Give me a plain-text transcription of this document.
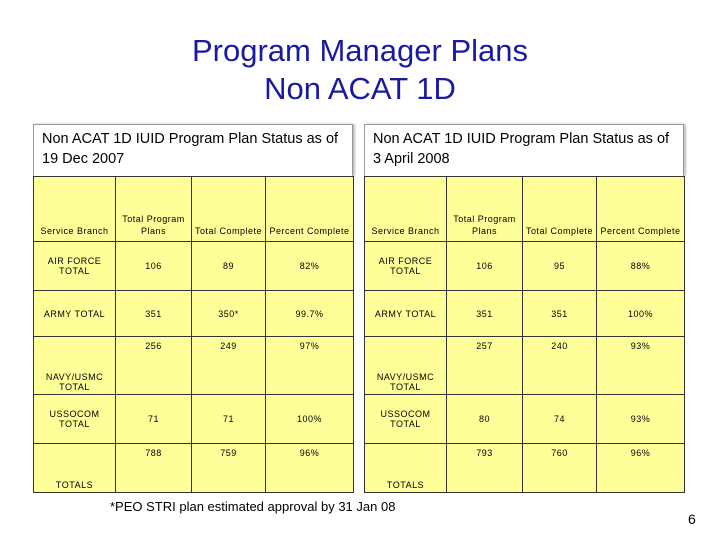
Program Manager Plans
Non ACAT 1D
Non ACAT 1D IUID Program Plan Status as of 19 Dec 2007
Service Branch	Total Program Plans	Total Complete	Percent Complete
AIR FORCE TOTAL	106	89	82%
ARMY TOTAL	351	350*	99.7%
NAVY/USMC TOTAL	256	249	97%
USSOCOM TOTAL	71	71	100%
TOTALS	788	759	96%
Non ACAT 1D IUID Program Plan Status as of 3 April 2008
Service Branch	Total Program Plans	Total Complete	Percent Complete
AIR FORCE TOTAL	106	95	88%
ARMY TOTAL	351	351	100%
NAVY/USMC TOTAL	257	240	93%
USSOCOM TOTAL	80	74	93%
TOTALS	793	760	96%
*PEO STRI plan estimated approval by 31 Jan 08
6
